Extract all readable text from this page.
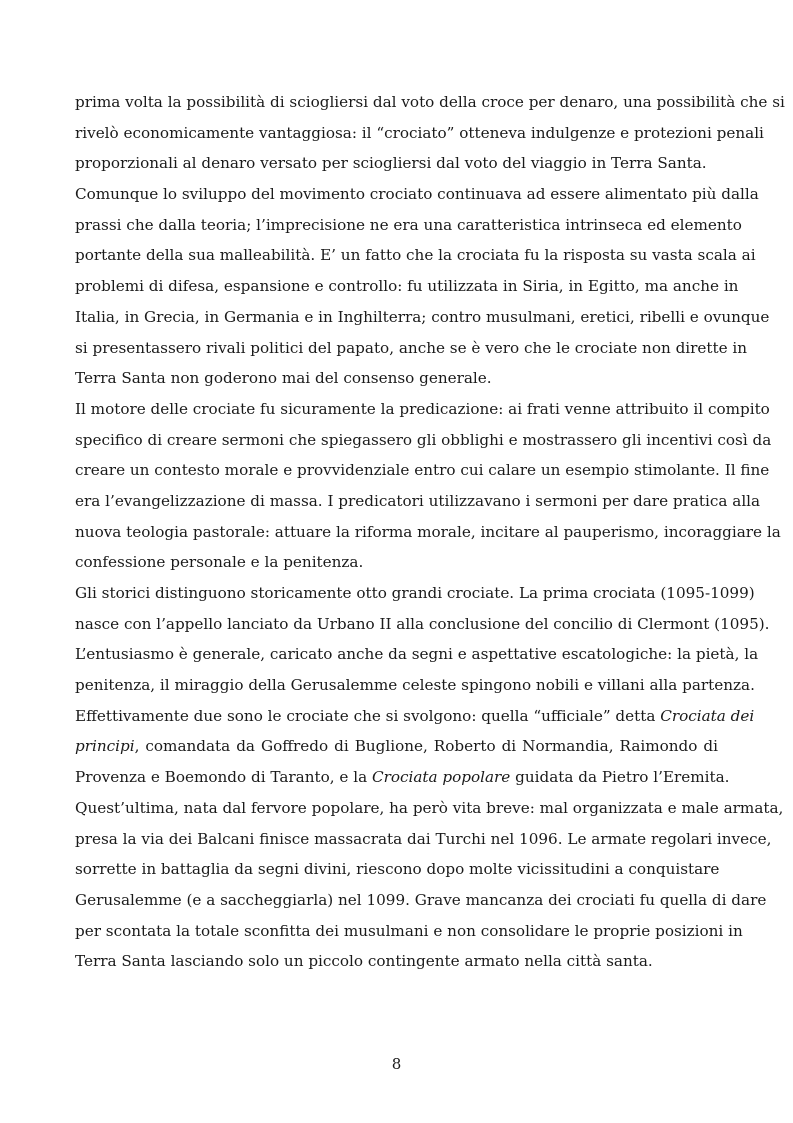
prima volta la possibilità di sciogliersi dal voto della croce per denaro, una possibilità che si
rivelò economicamente vantaggiosa: il “crociato” otteneva indulgenze e protezioni penali
proporzionali al denaro versato per sciogliersi dal voto del viaggio in Terra Santa.
Comunque lo sviluppo del movimento crociato continuava ad essere alimentato più dalla
prassi che dalla teoria; l’imprecisione ne era una caratteristica intrinseca ed elemento
portante della sua malleabilità. E’ un fatto che la crociata fu la risposta su vasta scala ai
problemi di difesa, espansione e controllo: fu utilizzata in Siria, in Egitto, ma anche in
Italia, in Grecia, in Germania e in Inghilterra; contro musulmani, eretici, ribelli e ovunque
si presentassero rivali politici del papato, anche se è vero che le crociate non dirette in
Terra Santa non goderono mai del consenso generale.
Il motore delle crociate fu sicuramente la predicazione: ai frati venne attribuito il compito
specifico di creare sermoni che spiegassero gli obblighi e mostrassero gli incentivi così da
creare un contesto morale e provvidenziale entro cui calare un esempio stimolante. Il fine
era l’evangelizzazione di massa. I predicatori utilizzavano i sermoni per dare pratica alla
nuova teologia pastorale: attuare la riforma morale, incitare al pauperismo, incoraggiare la
confessione personale e la penitenza.
Gli storici distinguono storicamente otto grandi crociate. La prima crociata (1095-1099)
nasce con l’appello lanciato da Urbano II alla conclusione del concilio di Clermont (1095).
L’entusiasmo è generale, caricato anche da segni e aspettative escatologiche: la pietà, la
penitenza, il miraggio della Gerusalemme celeste spingono nobili e villani alla partenza.
Effettivamente due sono le crociate che si svolgono: quella “ufficiale” detta Crociata dei
principi, comandata da Goffredo di Buglione, Roberto di Normandia, Raimondo di
Provenza e Boemondo di Taranto, e la Crociata popolare guidata da Pietro l’Eremita.
Quest’ultima, nata dal fervore popolare, ha però vita breve: mal organizzata e male armata,
presa la via dei Balcani finisce massacrata dai Turchi nel 1096. Le armate regolari invece,
sorrette in battaglia da segni divini, riescono dopo molte vicissitudini a conquistare
Gerusalemme (e a saccheggiarla) nel 1099. Grave mancanza dei crociati fu quella di dare
per scontata la totale sconfitta dei musulmani e non consolidare le proprie posizioni in
Terra Santa lasciando solo un piccolo contingente armato nella città santa.
8
